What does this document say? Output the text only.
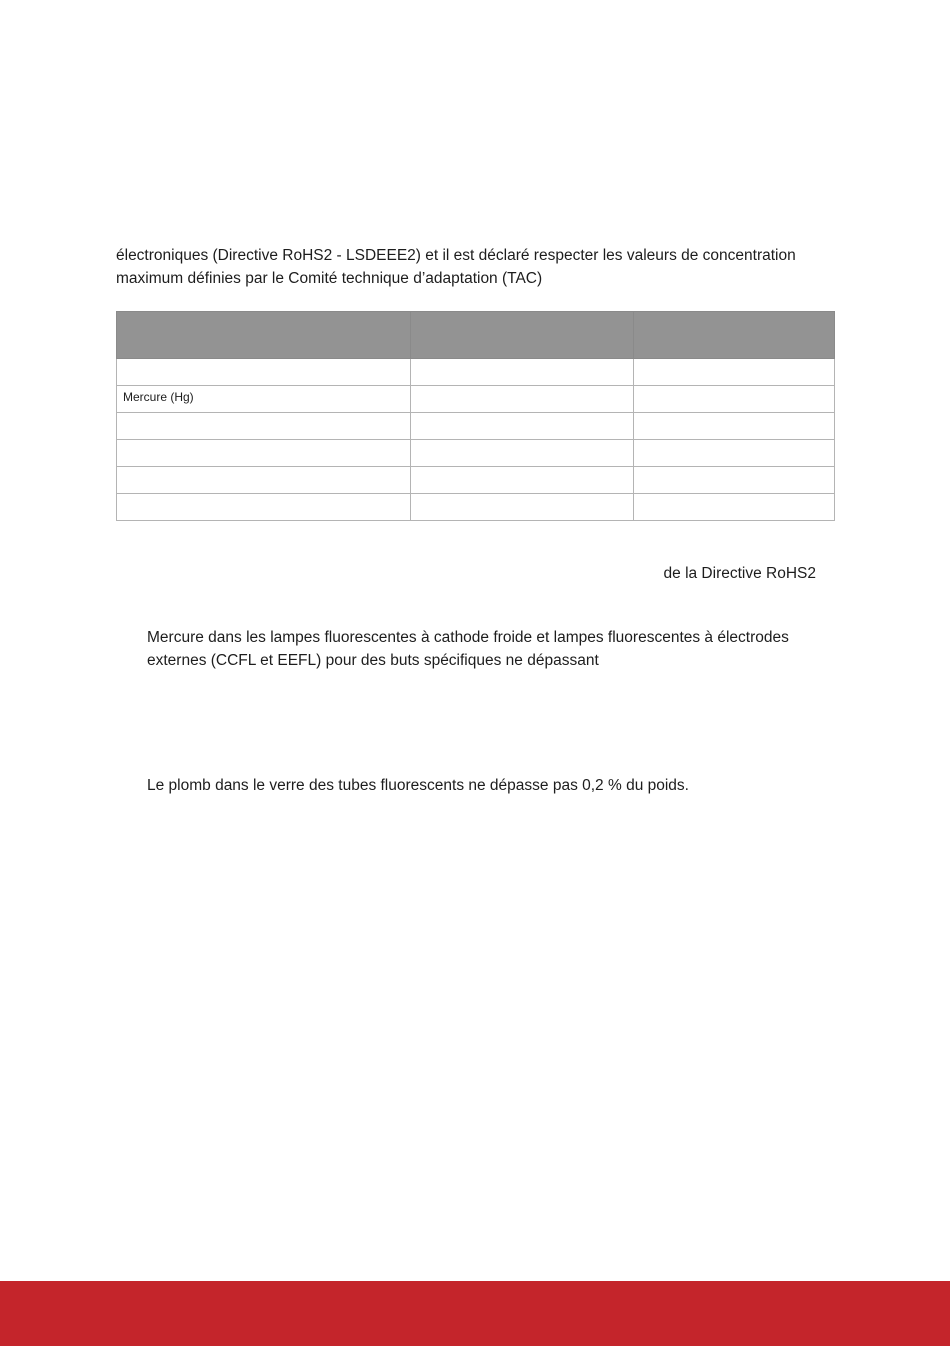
électroniques (Directive RoHS2 - LSDEEE2) et il est déclaré respecter les valeurs de concentration maximum définies par le Comité technique d’adaptation (TAC)

Mercure (Hg)		

de la Directive RoHS2

Mercure dans les lampes fluorescentes à cathode froide et lampes fluorescentes à électrodes externes (CCFL et EEFL) pour des buts spécifiques ne dépassant

Le plomb dans le verre des tubes fluorescents ne dépasse pas 0,2 % du poids.
